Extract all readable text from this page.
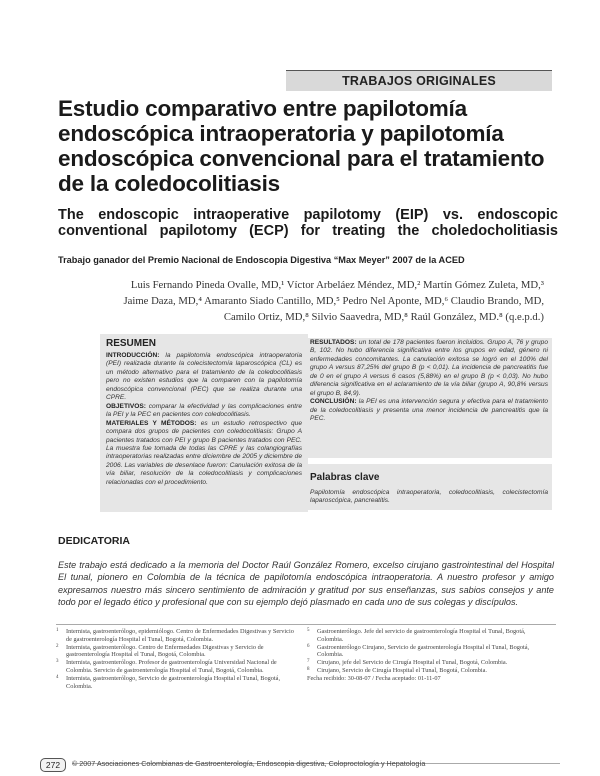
TRABAJOS ORIGINALES
Estudio comparativo entre papilotomía endoscópica intraoperatoria y papilotomía endoscópica convencional para el tratamiento de la coledocolitiasis
The endoscopic intraoperative papilotomy (EIP) vs. endoscopic conventional papilotomy (ECP) for treating the choledocholitiasis
Trabajo ganador del Premio Nacional de Endoscopia Digestiva “Max Meyer” 2007 de la ACED
Luis Fernando Pineda Ovalle, MD,¹ Víctor Arbeláez Méndez, MD,² Martín Gómez Zuleta, MD,³
Jaime Daza, MD,⁴ Amaranto Siado Cantillo, MD,⁵ Pedro Nel Aponte, MD,⁶ Claudio Brando, MD,
Camilo Ortiz, MD,⁸ Silvio Saavedra, MD,⁸ Raúl González, MD.⁸ (q.e.p.d.)
RESUMEN
INTRODUCCIÓN: la papilotomía endoscópica intraoperatoria (PEI) realizada durante la colecistectomía laparoscópica (CL) es un método alternativo para el tratamiento de la coledocolitiasis pero no existen estudios que la comparen con la papilotomía endoscópica convencional (PEC) que se realiza durante una CPRE.
OBJETIVOS: comparar la efectividad y las complicaciones entre la PEI y la PEC en pacientes con coledocolitiasis.
MATERIALES Y MÉTODOS: es un estudio retrospectivo que compara dos grupos de pacientes con coledocolitiasis: Grupo A pacientes tratados con PEI y grupo B pacientes tratados con PEC. La muestra fue tomada de todas las CPRE y las colangiografías intraoperatorias realizadas entre diciembre de 2005 y diciembre de 2006. Las variables de desenlace fueron: Canulación exitosa de la vía biliar, resolución de la coledocolitiasis y complicaciones relacionadas con el procedimiento.
RESULTADOS: un total de 178 pacientes fueron incluidos. Grupo A, 76 y grupo B, 102. No hubo diferencia significativa entre los grupos en edad, género ni enfermedades concomitantes. La canulación exitosa se logró en el 100% del grupo A versus 87,25% del grupo B (p < 0,01). La incidencia de pancreatitis fue de 0 en el grupo A versus 6 casos (5,88%) en el grupo B (p < 0,03). No hubo diferencia significativa en el aclaramiento de la vía biliar (grupo A, 90,8% versus el grupo B, 84,9).
CONCLUSIÓN: la PEI es una intervención segura y efectiva para el tratamiento de la coledocolitiasis y presenta una menor incidencia de pancreatitis que la PEC.
Palabras clave
Papilotomía endoscópica intraoperatoria, coledocolitiasis, colecistectomía laparoscópica, pancreatitis.
DEDICATORIA
Este trabajo está dedicado a la memoria del Doctor Raúl González Romero, excelso cirujano gastrointestinal del Hospital El tunal, pionero en Colombia de la técnica de papilotomía endoscópica intraoperatoria. A nuestro profesor y amigo expresamos nuestro más sincero sentimiento de admiración y gratitud por sus enseñanzas, sus sabios consejos y ante todo por el legado ético y profesional que con su ejemplo dejó plasmado en cada uno de sus colegas y discípulos.
1 Internista, gastroenterólogo, epidemiólogo. Centro de Enfermedades Digestivas y Servicio de gastroenterología Hospital el Tunal, Bogotá, Colombia.
2 Internista, gastroenterólogo. Centro de Enfermedades Digestivas y Servicio de gastroenterología Hospital el Tunal, Bogotá, Colombia.
3 Internista, gastroenterólogo. Profesor de gastroenterología Universidad Nacional de Colombia. Servicio de gastroenterología Hospital el Tunal, Bogotá, Colombia.
4 Internista, gastroenterólogo, Servicio de gastroenterología Hospital el Tunal, Bogotá, Colombia.
5 Gastroenterólogo. Jefe del servicio de gastroenterología Hospital el Tunal, Bogotá, Colombia.
6 Gastroenterólogo Cirujano, Servicio de gastroenterología Hospital el Tunal, Bogotá, Colombia.
7 Cirujano, jefe del Servicio de Cirugía Hospital el Tunal, Bogotá, Colombia.
8 Cirujano, Servicio de Cirugía Hospital el Tunal, Bogotá, Colombia.
Fecha recibido: 30-08-07 / Fecha aceptado: 01-11-07
272	© 2007 Asociaciones Colombianas de Gastroenterología, Endoscopia digestiva, Coloproctología y Hepatología
